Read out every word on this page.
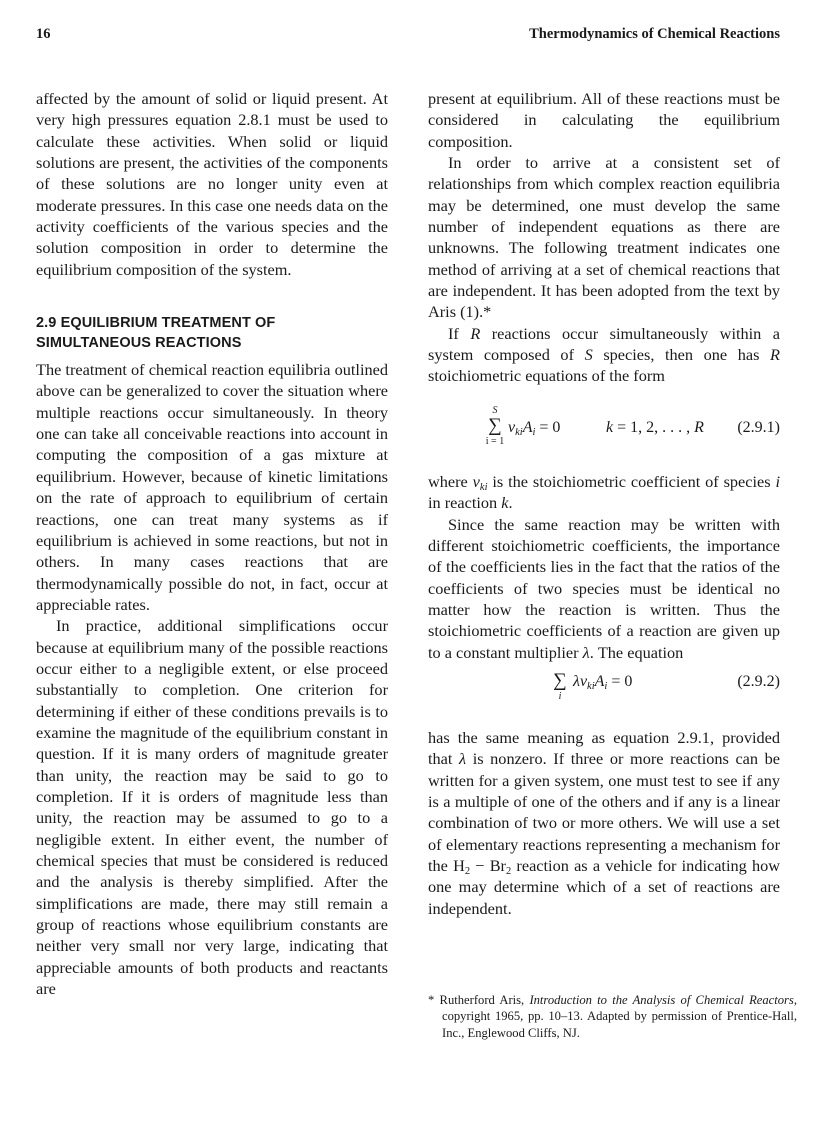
16	Thermodynamics of Chemical Reactions

affected by the amount of solid or liquid present. At very high pressures equation 2.8.1 must be used to calculate these activities. When solid or liquid solutions are present, the activities of the components of these solutions are no longer unity even at moderate pressures. In this case one needs data on the activity coefficients of the various species and the solution composition in order to determine the equilibrium composition of the system.

2.9 EQUILIBRIUM TREATMENT OF
SIMULTANEOUS REACTIONS

The treatment of chemical reaction equilibria outlined above can be generalized to cover the situation where multiple reactions occur simultaneously. In theory one can take all conceivable reactions into account in computing the composition of a gas mixture at equilibrium. However, because of kinetic limitations on the rate of approach to equilibrium of certain reactions, one can treat many systems as if equilibrium is achieved in some reactions, but not in others. In many cases reactions that are thermodynamically possible do not, in fact, occur at appreciable rates.

In practice, additional simplifications occur because at equilibrium many of the possible reactions occur either to a negligible extent, or else proceed substantially to completion. One criterion for determining if either of these conditions prevails is to examine the magnitude of the equilibrium constant in question. If it is many orders of magnitude greater than unity, the reaction may be said to go to completion. If it is orders of magnitude less than unity, the reaction may be assumed to go to a negligible extent. In either event, the number of chemical species that must be considered is reduced and the analysis is thereby simplified. After the simplifications are made, there may still remain a group of reactions whose equilibrium constants are neither very small nor very large, indicating that appreciable amounts of both products and reactants are

present at equilibrium. All of these reactions must be considered in calculating the equilibrium composition.

In order to arrive at a consistent set of relationships from which complex reaction equilibria may be determined, one must develop the same number of independent equations as there are unknowns. The following treatment indicates one method of arriving at a set of chemical reactions that are independent. It has been adopted from the text by Aris (1).*

If R reactions occur simultaneously within a system composed of S species, then one has R stoichiometric equations of the form

S
∑
i = 1
$\nu_{ki}A_i = 0$	k = 1, 2, . . . , R (2.9.1)

where $\nu_{ki}$ is the stoichiometric coefficient of species i in reaction k.

Since the same reaction may be written with different stoichiometric coefficients, the importance of the coefficients lies in the fact that the ratios of the coefficients of two species must be identical no matter how the reaction is written. Thus the stoichiometric coefficients of a reaction are given up to a constant multiplier λ. The equation

∑
i
$\lambda\nu_{ki}A_i = 0$	(2.9.2)

has the same meaning as equation 2.9.1, provided that λ is nonzero. If three or more reactions can be written for a given system, one must test to see if any is a multiple of one of the others and if any is a linear combination of two or more others. We will use a set of elementary reactions representing a mechanism for the $H_2 - Br_2$ reaction as a vehicle for indicating how one may determine which of a set of reactions are independent.

* Rutherford Aris, Introduction to the Analysis of Chemical Reactors, copyright 1965, pp. 10–13. Adapted by permission of Prentice-Hall, Inc., Englewood Cliffs, NJ.
